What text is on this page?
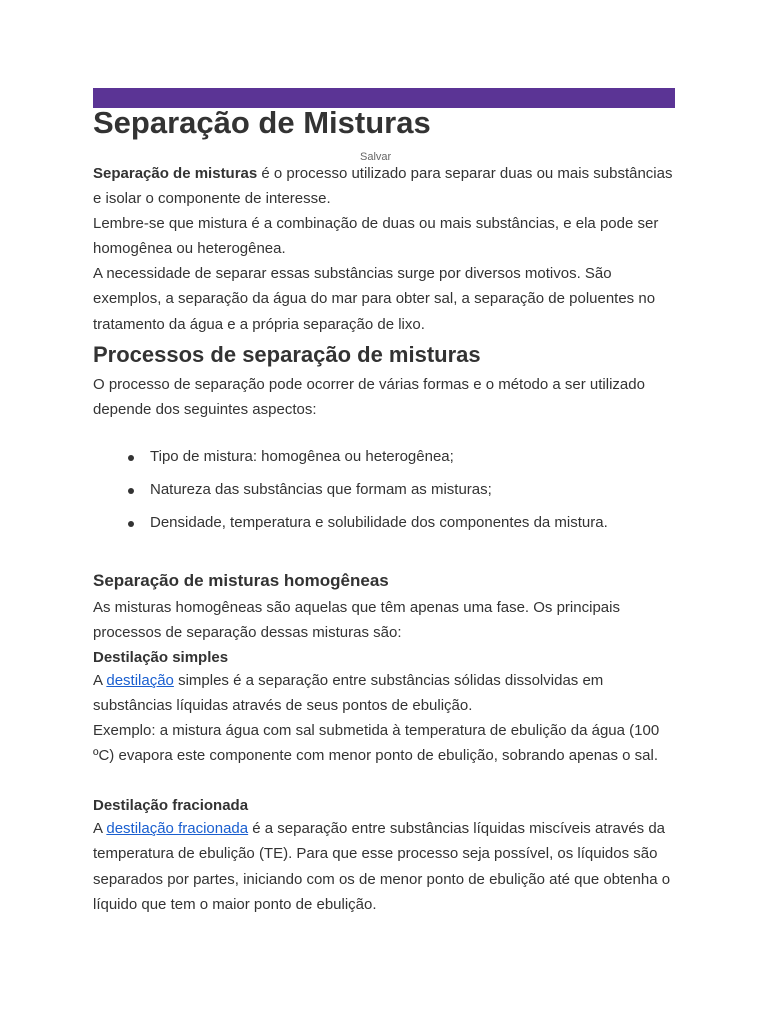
Separação de Misturas
Salvar

Separação de misturas é o processo utilizado para separar duas ou mais substâncias e isolar o componente de interesse.

Lembre-se que mistura é a combinação de duas ou mais substâncias, e ela pode ser homogênea ou heterogênea.

A necessidade de separar essas substâncias surge por diversos motivos. São exemplos, a separação da água do mar para obter sal, a separação de poluentes no tratamento da água e a própria separação de lixo.

Processos de separação de misturas

O processo de separação pode ocorrer de várias formas e o método a ser utilizado depende dos seguintes aspectos:

Tipo de mistura: homogênea ou heterogênea;
Natureza das substâncias que formam as misturas;
Densidade, temperatura e solubilidade dos componentes da mistura.
Separação de misturas homogêneas

As misturas homogêneas são aquelas que têm apenas uma fase. Os principais processos de separação dessas misturas são:

Destilação simples

A destilação simples é a separação entre substâncias sólidas dissolvidas em substâncias líquidas através de seus pontos de ebulição.

Exemplo: a mistura água com sal submetida à temperatura de ebulição da água (100 ºC) evapora este componente com menor ponto de ebulição, sobrando apenas o sal.

Destilação fracionada

A destilação fracionada é a separação entre substâncias líquidas miscíveis através da temperatura de ebulição (TE). Para que esse processo seja possível, os líquidos são separados por partes, iniciando com os de menor ponto de ebulição até que obtenha o líquido que tem o maior ponto de ebulição.
